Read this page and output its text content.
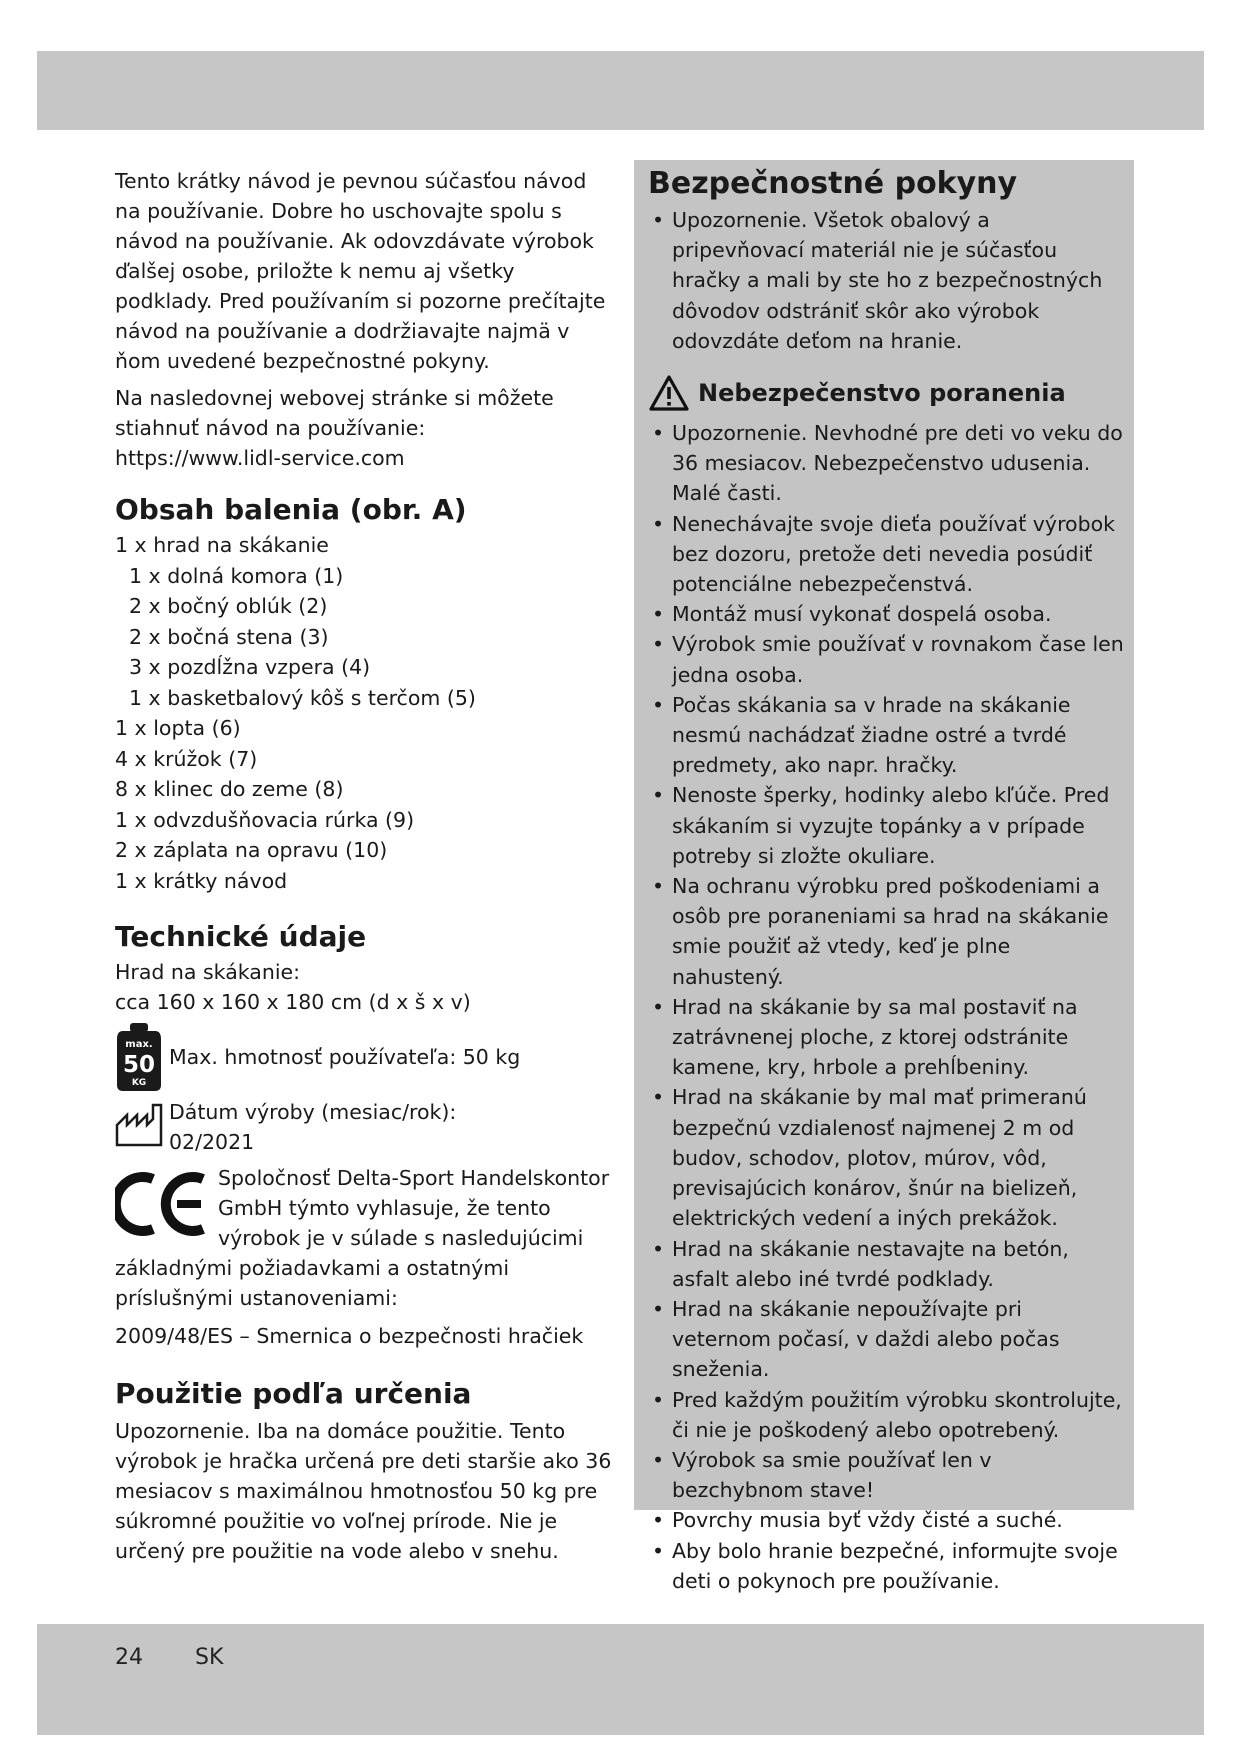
Tento krátky návod je pevnou súčasťou návod na používanie. Dobre ho uschovajte spolu s návod na používanie. Ak odovzdávate výrobok ďalšej osobe, priložte k nemu aj všetky podklady. Pred používaním si pozorne prečítajte návod na používanie a dodržiavajte najmä v ňom uvedené bezpečnostné pokyny.

Na nasledovnej webovej stránke si môžete stiahnuť návod na používanie:
https://www.lidl-service.com

Obsah balenia (obr. A)
1 x hrad na skákanie
1 x dolná komora (1)
2 x bočný oblúk (2)
2 x bočná stena (3)
3 x pozdĺžna vzpera (4)
1 x basketbalový kôš s terčom (5)
1 x lopta (6)
4 x krúžok (7)
8 x klinec do zeme (8)
1 x odvzdušňovacia rúrka (9)
2 x záplata na opravu (10)
1 x krátky návod
Technické údaje
Hrad na skákanie:
cca 160 x 160 x 180 cm (d x š x v)
max.
50
KG
Max. hmotnosť používateľa: 50 kg
Dátum výroby (mesiac/rok):
02/2021
Spoločnosť Delta-Sport Handelskontor GmbH týmto vyhlasuje, že tento výrobok je v súlade s nasledujúcimi
základnými požiadavkami a ostatnými príslušnými ustanoveniami:
2009/48/ES – Smernica o bezpečnosti hračiek
Použitie podľa určenia

Upozornenie. Iba na domáce použitie. Tento výrobok je hračka určená pre deti staršie ako 36 mesiacov s maximálnou hmotnosťou 50 kg pre súkromné použitie vo voľnej prírode. Nie je určený pre použitie na vode alebo v snehu.

Bezpečnostné pokyny
• Upozornenie. Všetok obalový a pripevňovací materiál nie je súčasťou hračky a mali by ste ho z bezpečnostných dôvodov odstrániť skôr ako výrobok odovzdáte deťom na hranie.
Nebezpečenstvo poranenia
• Upozornenie. Nevhodné pre deti vo veku do 36 mesiacov. Nebezpečenstvo udusenia. Malé časti.
• Nenechávajte svoje dieťa používať výrobok bez dozoru, pretože deti nevedia posúdiť potenciálne nebezpečenstvá.
• Montáž musí vykonať dospelá osoba.
• Výrobok smie používať v rovnakom čase len jedna osoba.
• Počas skákania sa v hrade na skákanie nesmú nachádzať žiadne ostré a tvrdé predmety, ako napr. hračky.
• Nenoste šperky, hodinky alebo kľúče. Pred skákaním si vyzujte topánky a v prípade potreby si zložte okuliare.
• Na ochranu výrobku pred poškodeniami a osôb pre poraneniami sa hrad na skákanie smie použiť až vtedy, keď je plne nahustený.
• Hrad na skákanie by sa mal postaviť na zatrávnenej ploche, z ktorej odstránite kamene, kry, hrbole a prehĺbeniny.
• Hrad na skákanie by mal mať primeranú bezpečnú vzdialenosť najmenej 2 m od budov, schodov, plotov, múrov, vôd, previsajúcich konárov, šnúr na bielizeň, elektrických vedení a iných prekážok.
• Hrad na skákanie nestavajte na betón, asfalt alebo iné tvrdé podklady.
• Hrad na skákanie nepoužívajte pri veternom počasí, v daždi alebo počas sneženia.
• Pred každým použitím výrobku skontrolujte, či nie je poškodený alebo opotrebený.
• Výrobok sa smie používať len v bezchybnom stave!
• Povrchy musia byť vždy čisté a suché.
• Aby bolo hranie bezpečné, informujte svoje deti o pokynoch pre používanie.
24 SK
